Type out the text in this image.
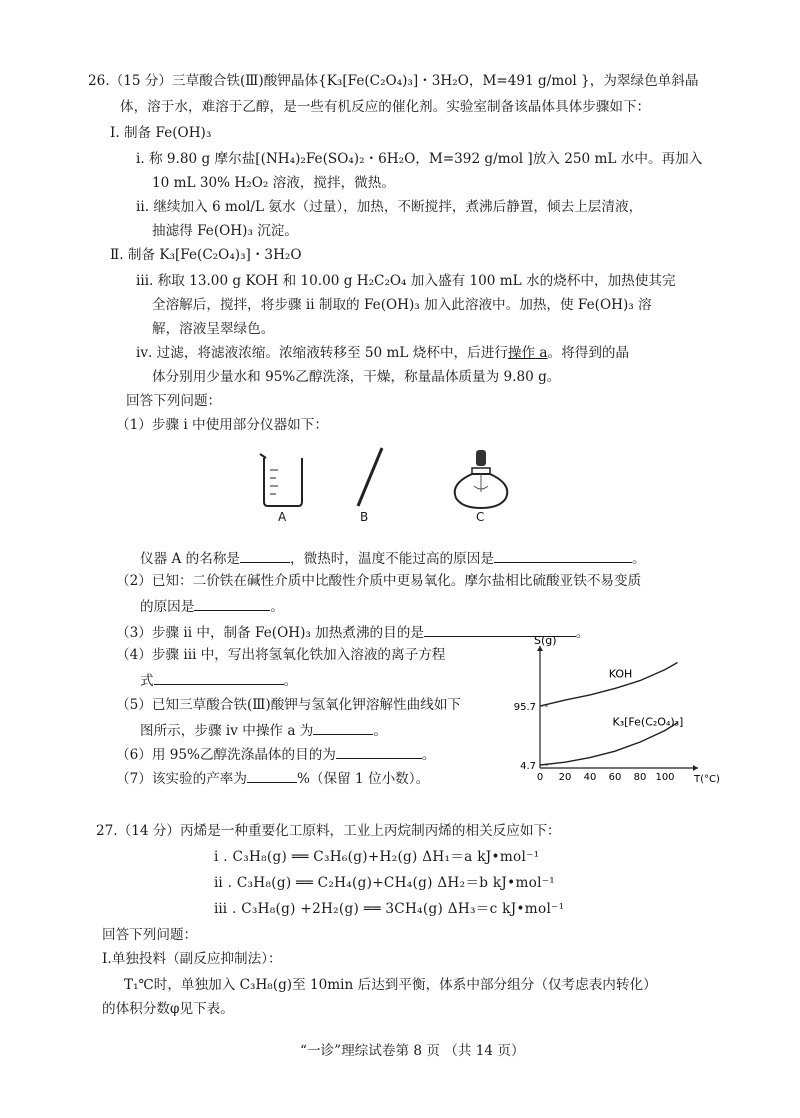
26.（15 分）三草酸合铁(Ⅲ)酸钾晶体{K₃[Fe(C₂O₄)₃]・3H₂O，M=491 g/mol }，为翠绿色单斜晶
体，溶于水，难溶于乙醇，是一些有机反应的催化剂。实验室制备该晶体具体步骤如下：
Ⅰ. 制备 Fe(OH)₃
ⅰ. 称 9.80 g 摩尔盐[(NH₄)₂Fe(SO₄)₂・6H₂O，M=392 g/mol ]放入 250 mL 水中。再加入
10 mL 30% H₂O₂ 溶液，搅拌，微热。
ⅱ. 继续加入 6 mol/L 氨水（过量），加热，不断搅拌，煮沸后静置，倾去上层清液，
抽滤得 Fe(OH)₃ 沉淀。
Ⅱ. 制备 K₃[Fe(C₂O₄)₃]・3H₂O
ⅲ. 称取 13.00 g KOH 和 10.00 g H₂C₂O₄ 加入盛有 100 mL 水的烧杯中，加热使其完
全溶解后，搅拌，将步骤 ⅱ 制取的 Fe(OH)₃ 加入此溶液中。加热，使 Fe(OH)₃ 溶
解，溶液呈翠绿色。
ⅳ. 过滤，将滤液浓缩。浓缩液转移至 50 mL 烧杯中，后进行操作 a。将得到的晶
体分别用少量水和 95%乙醇洗涤，干燥，称量晶体质量为 9.80 g。
回答下列问题：
（1）步骤 ⅰ 中使用部分仪器如下：
A	B	C
仪器 A 的名称是	，微热时，温度不能过高的原因是	。
（2）已知：二价铁在碱性介质中比酸性介质中更易氧化。摩尔盐相比硫酸亚铁不易变质
的原因是	。
（3）步骤 ⅱ 中，制备 Fe(OH)₃ 加热煮沸的目的是	。
（4）步骤 ⅲ 中，写出将氢氧化铁加入溶液的离子方程
式	。
（5）已知三草酸合铁(Ⅲ)酸钾与氢氧化钾溶解性曲线如下
图所示，步骤 ⅳ 中操作 a 为	。
（6）用 95%乙醇洗涤晶体的目的为	。
（7）该实验的产率为	%（保留 1 位小数）。
S(g)
T(°C)
0 20 40 60 80 100
4.7
95.7
KOH
K₃[Fe(C₂O₄)₃]
27.（14 分）丙烯是一种重要化工原料，工业上丙烷制丙烯的相关反应如下：
ⅰ . C₃H₈(g) ══ C₃H₆(g)+H₂(g) ΔH₁＝a kJ•mol⁻¹
ⅱ . C₃H₈(g) ══ C₂H₄(g)+CH₄(g) ΔH₂＝b kJ•mol⁻¹
ⅲ . C₃H₈(g) +2H₂(g) ══ 3CH₄(g) ΔH₃＝c kJ•mol⁻¹
回答下列问题：
Ⅰ.单独投料（副反应抑制法）：
T₁℃时，单独加入 C₃H₈(g)至 10min 后达到平衡，体系中部分组分（仅考虑表内转化）
的体积分数φ见下表。
“一诊”理综试卷第 8 页 （共 14 页）
